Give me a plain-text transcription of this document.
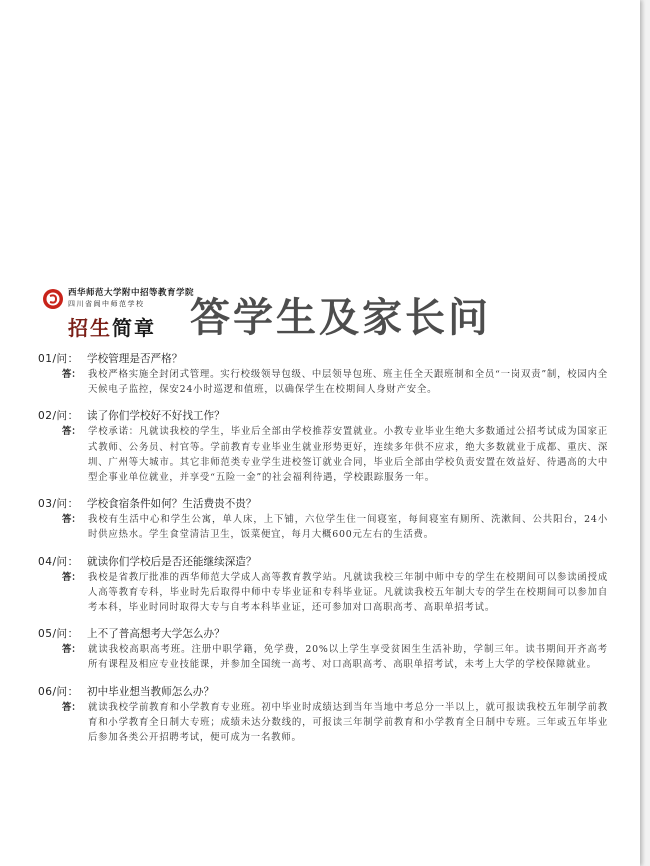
西华师范大学附中招等教育学院
四川省阆中师范学校
招生简章 答学生及家长问
01/问： 学校管理是否严格？
答： 我校严格实施全封闭式管理。实行校级领导包级、中层领导包班、班主任全天跟班制和全员“一岗双责”制，校园内全天候电子监控，保安24小时巡逻和值班，以确保学生在校期间人身财产安全。
02/问： 读了你们学校好不好找工作？
答： 学校承诺：凡就读我校的学生，毕业后全部由学校推荐安置就业。小教专业毕业生绝大多数通过公招考试成为国家正式教师、公务员、村官等。学前教育专业毕业生就业形势更好，连续多年供不应求，绝大多数就业于成都、重庆、深圳、广州等大城市。其它非师范类专业学生进校签订就业合同，毕业后全部由学校负责安置在效益好、待遇高的大中型企事业单位就业，并享受“五险一金”的社会福利待遇，学校跟踪服务一年。
03/问： 学校食宿条件如何？生活费贵不贵？
答： 我校有生活中心和学生公寓，单人床，上下铺，六位学生住一间寝室，每间寝室有厕所、洗漱间、公共阳台，24小时供应热水。学生食堂清洁卫生，饭菜便宜，每月大概600元左右的生活费。
04/问： 就读你们学校后是否还能继续深造？
答： 我校是省教厅批准的西华师范大学成人高等教育教学站。凡就读我校三年制中师中专的学生在校期间可以参读函授成人高等教育专科，毕业时先后取得中师中专毕业证和专科毕业证。凡就读我校五年制大专的学生在校期间可以参加自考本科，毕业时同时取得大专与自考本科毕业证，还可参加对口高职高考、高职单招考试。
05/问： 上不了普高想考大学怎么办？
答： 就读我校高职高考班。注册中职学籍，免学费，20%以上学生享受贫困生生活补助，学制三年。读书期间开齐高考所有课程及相应专业技能课，并参加全国统一高考、对口高职高考、高职单招考试，未考上大学的学校保障就业。
06/问： 初中毕业想当教师怎么办？
答： 就读我校学前教育和小学教育专业班。初中毕业时成绩达到当年当地中考总分一半以上，就可报读我校五年制学前教育和小学教育全日制大专班；成绩未达分数线的，可报读三年制学前教育和小学教育全日制中专班。三年或五年毕业后参加各类公开招聘考试，便可成为一名教师。
